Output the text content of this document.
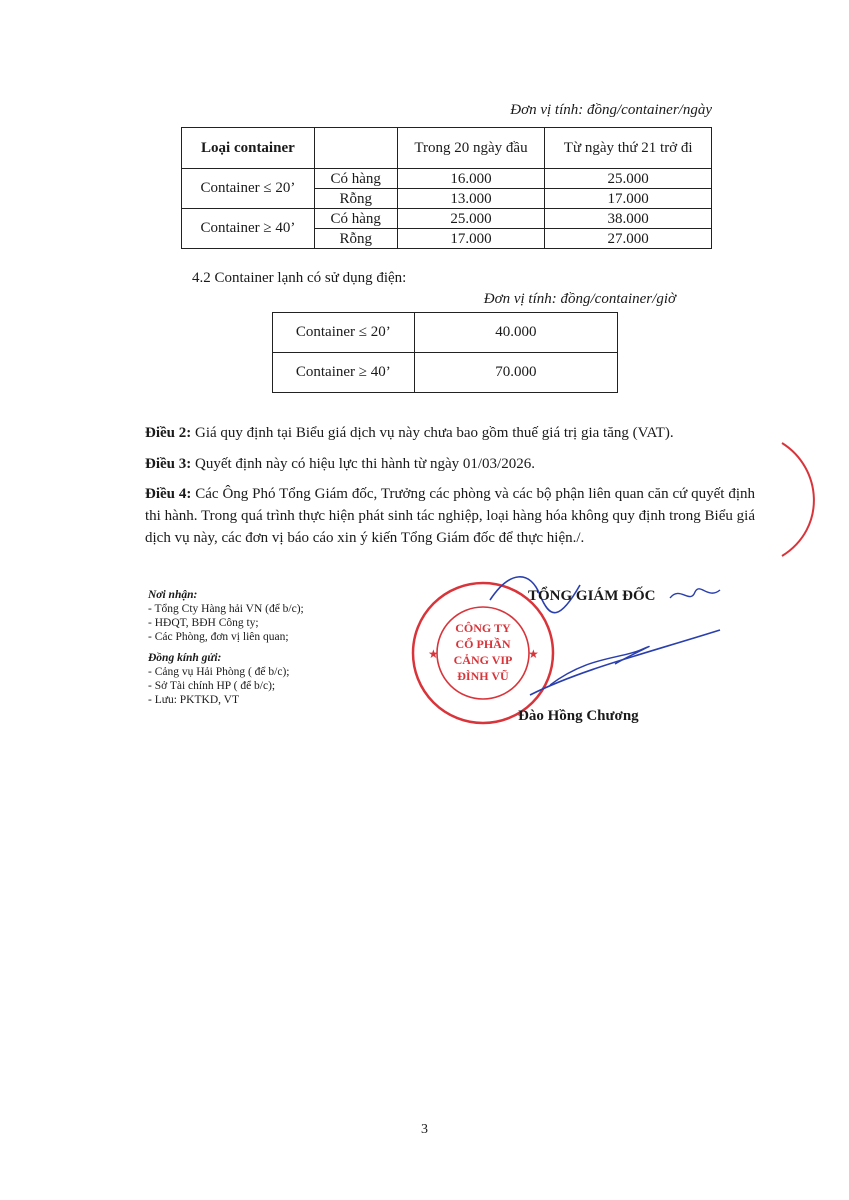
Đơn vị tính: đồng/container/ngày
Loại container		Trong 20 ngày đầu	Từ ngày thứ 21 trở đi
Container ≤ 20’	Có hàng	16.000	25.000
	Rỗng	13.000	17.000
Container ≥ 40’	Có hàng	25.000	38.000
	Rỗng	17.000	27.000
4.2 Container lạnh có sử dụng điện:
Đơn vị tính: đồng/container/giờ
Container ≤ 20’	40.000
Container ≥ 40’	70.000
Điều 2: Giá quy định tại Biểu giá dịch vụ này chưa bao gồm thuế giá trị gia tăng (VAT).
Điều 3: Quyết định này có hiệu lực thi hành từ ngày 01/03/2026.
Điều 4: Các Ông Phó Tổng Giám đốc, Trưởng các phòng và các bộ phận liên quan căn cứ quyết định thi hành. Trong quá trình thực hiện phát sinh tác nghiệp, loại hàng hóa không quy định trong Biểu giá dịch vụ này, các đơn vị báo cáo xin ý kiến Tổng Giám đốc để thực hiện./.
Nơi nhận:
- Tổng Cty Hàng hải VN (để b/c);
- HĐQT, BĐH Công ty;
- Các Phòng, đơn vị liên quan;
Đồng kính gửi:
- Cảng vụ Hải Phòng ( để b/c);
- Sở Tài chính HP ( để b/c);
- Lưu: PKTKD, VT
CÔNG TY
CỔ PHẦN
CẢNG VIP
ĐÌNH VŨ
★	★
TỔNG GIÁM ĐỐC
Đào Hồng Chương
3
